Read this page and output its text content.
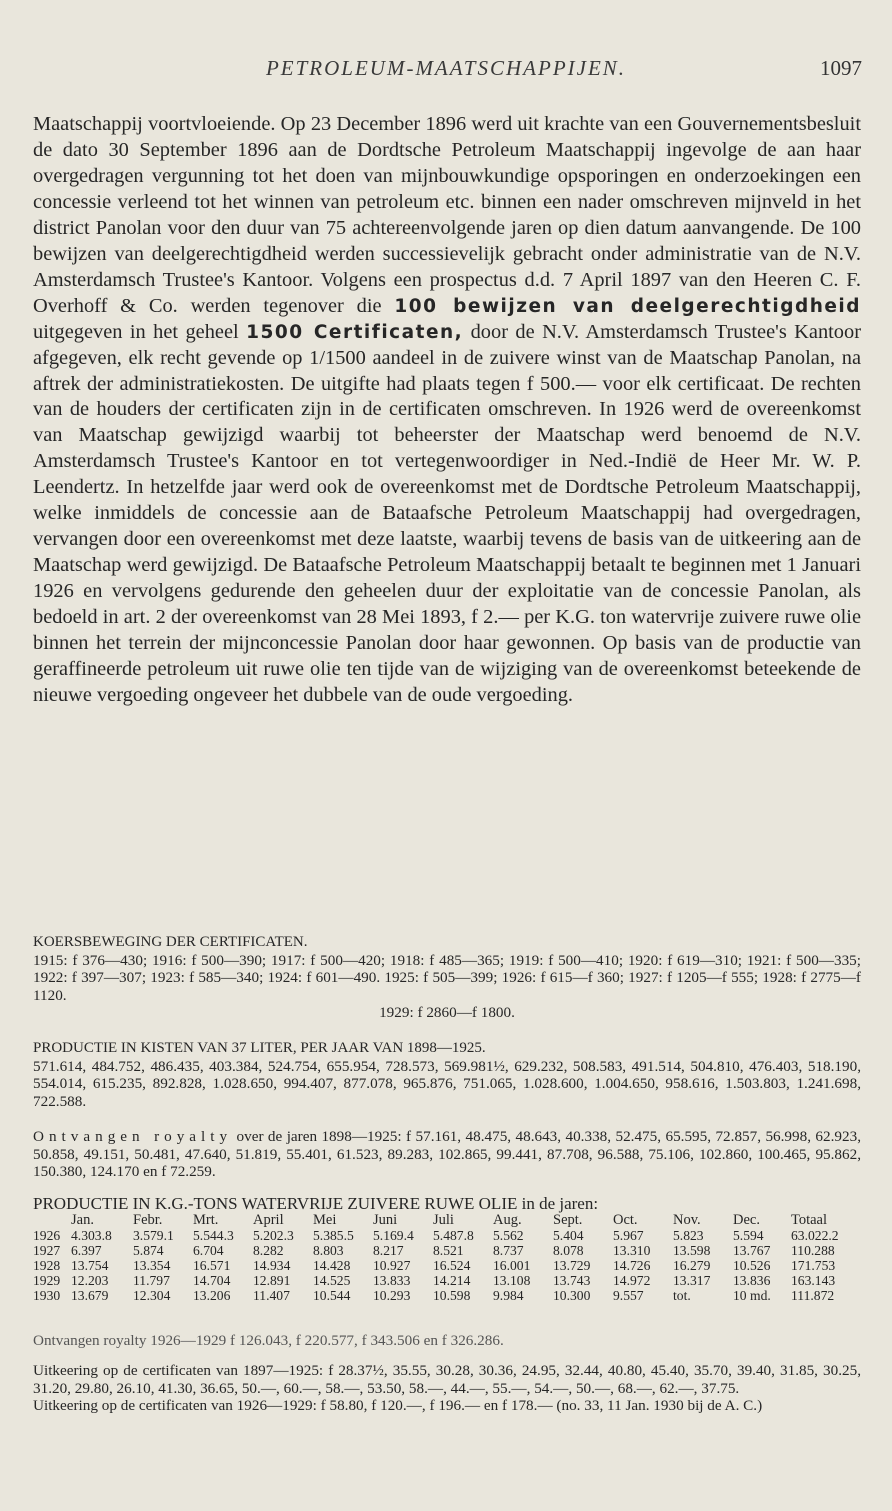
PETROLEUM-MAATSCHAPPIJEN.	1097

Maatschappij voortvloeiende. Op 23 December 1896 werd uit krachte van een Gouvernementsbesluit de dato 30 September 1896 aan de Dordtsche Petroleum Maatschappij ingevolge de aan haar overgedragen vergunning tot het doen van mijnbouwkundige opsporingen en onderzoekingen een concessie verleend tot het winnen van petroleum etc. binnen een nader omschreven mijnveld in het district Panolan voor den duur van 75 achtereenvolgende jaren op dien datum aanvangende. De 100 bewijzen van deelgerechtigdheid werden successievelijk gebracht onder administratie van de N.V. Amsterdamsch Trustee's Kantoor. Volgens een prospectus d.d. 7 April 1897 van den Heeren C. F. Overhoff & Co. werden tegenover die 100 bewijzen van deelgerechtigdheid uitgegeven in het geheel 1500 Certificaten, door de N.V. Amsterdamsch Trustee's Kantoor afgegeven, elk recht gevende op 1/1500 aandeel in de zuivere winst van de Maatschap Panolan, na aftrek der administratiekosten. De uitgifte had plaats tegen f 500.— voor elk certificaat. De rechten van de houders der certificaten zijn in de certificaten omschreven. In 1926 werd de overeenkomst van Maatschap gewijzigd waarbij tot beheerster der Maatschap werd benoemd de N.V. Amsterdamsch Trustee's Kantoor en tot vertegenwoordiger in Ned.-Indië de Heer Mr. W. P. Leendertz. In hetzelfde jaar werd ook de overeenkomst met de Dordtsche Petroleum Maatschappij, welke inmiddels de concessie aan de Bataafsche Petroleum Maatschappij had overgedragen, vervangen door een overeenkomst met deze laatste, waarbij tevens de basis van de uitkeering aan de Maatschap werd gewijzigd. De Bataafsche Petroleum Maatschappij betaalt te beginnen met 1 Januari 1926 en vervolgens gedurende den geheelen duur der exploitatie van de concessie Panolan, als bedoeld in art. 2 der overeenkomst van 28 Mei 1893, f 2.— per K.G. ton watervrije zuivere ruwe olie binnen het terrein der mijnconcessie Panolan door haar gewonnen. Op basis van de productie van geraffineerde petroleum uit ruwe olie ten tijde van de wijziging van de overeenkomst beteekende de nieuwe vergoeding ongeveer het dubbele van de oude vergoeding.

KOERSBEWEGING DER CERTIFICATEN.

1915: f 376—430; 1916: f 500—390; 1917: f 500—420; 1918: f 485—365; 1919: f 500—410; 1920: f 619—310; 1921: f 500—335; 1922: f 397—307; 1923: f 585—340; 1924: f 601—490. 1925: f 505—399; 1926: f 615—f 360; 1927: f 1205—f 555; 1928: f 2775—f 1120.

1929: f 2860—f 1800.

PRODUCTIE IN KISTEN VAN 37 LITER, PER JAAR VAN 1898—1925.

571.614, 484.752, 486.435, 403.384, 524.754, 655.954, 728.573, 569.981½, 629.232, 508.583, 491.514, 504.810, 476.403, 518.190, 554.014, 615.235, 892.828, 1.028.650, 994.407, 877.078, 965.876, 751.065, 1.028.600, 1.004.650, 958.616, 1.503.803, 1.241.698, 722.588.

Ontvangen royalty over de jaren 1898—1925: f 57.161, 48.475, 48.643, 40.338, 52.475, 65.595, 72.857, 56.998, 62.923, 50.858, 49.151, 50.481, 47.640, 51.819, 55.401, 61.523, 89.283, 102.865, 99.441, 87.708, 96.588, 75.106, 102.860, 100.465, 95.862, 150.380, 124.170 en f 72.259.

PRODUCTIE IN K.G.-TONS WATERVRIJE ZUIVERE RUWE OLIE in de jaren:

	Jan.	Febr.	Mrt.	April	Mei	Juni	Juli	Aug.	Sept.	Oct.	Nov.	Dec.	Totaal
1926	4.303.8	3.579.1	5.544.3	5.202.3	5.385.5	5.169.4	5.487.8	5.562	5.404	5.967	5.823	5.594	63.022.2
1927	6.397	5.874	6.704	8.282	8.803	8.217	8.521	8.737	8.078	13.310	13.598	13.767	110.288
1928	13.754	13.354	16.571	14.934	14.428	10.927	16.524	16.001	13.729	14.726	16.279	10.526	171.753
1929	12.203	11.797	14.704	12.891	14.525	13.833	14.214	13.108	13.743	14.972	13.317	13.836	163.143
1930	13.679	12.304	13.206	11.407	10.544	10.293	10.598	9.984	10.300	9.557	tot.	10 md.	111.872

Ontvangen royalty 1926—1929 f 126.043, f 220.577, f 343.506 en f 326.286.

Uitkeering op de certificaten van 1897—1925: f 28.37½, 35.55, 30.28, 30.36, 24.95, 32.44, 40.80, 45.40, 35.70, 39.40, 31.85, 30.25, 31.20, 29.80, 26.10, 41.30, 36.65, 50.—, 60.—, 58.—, 53.50, 58.—, 44.—, 55.—, 54.—, 50.—, 68.—, 62.—, 37.75.

Uitkeering op de certificaten van 1926—1929: f 58.80, f 120.—, f 196.— en f 178.— (no. 33, 11 Jan. 1930 bij de A. C.)
